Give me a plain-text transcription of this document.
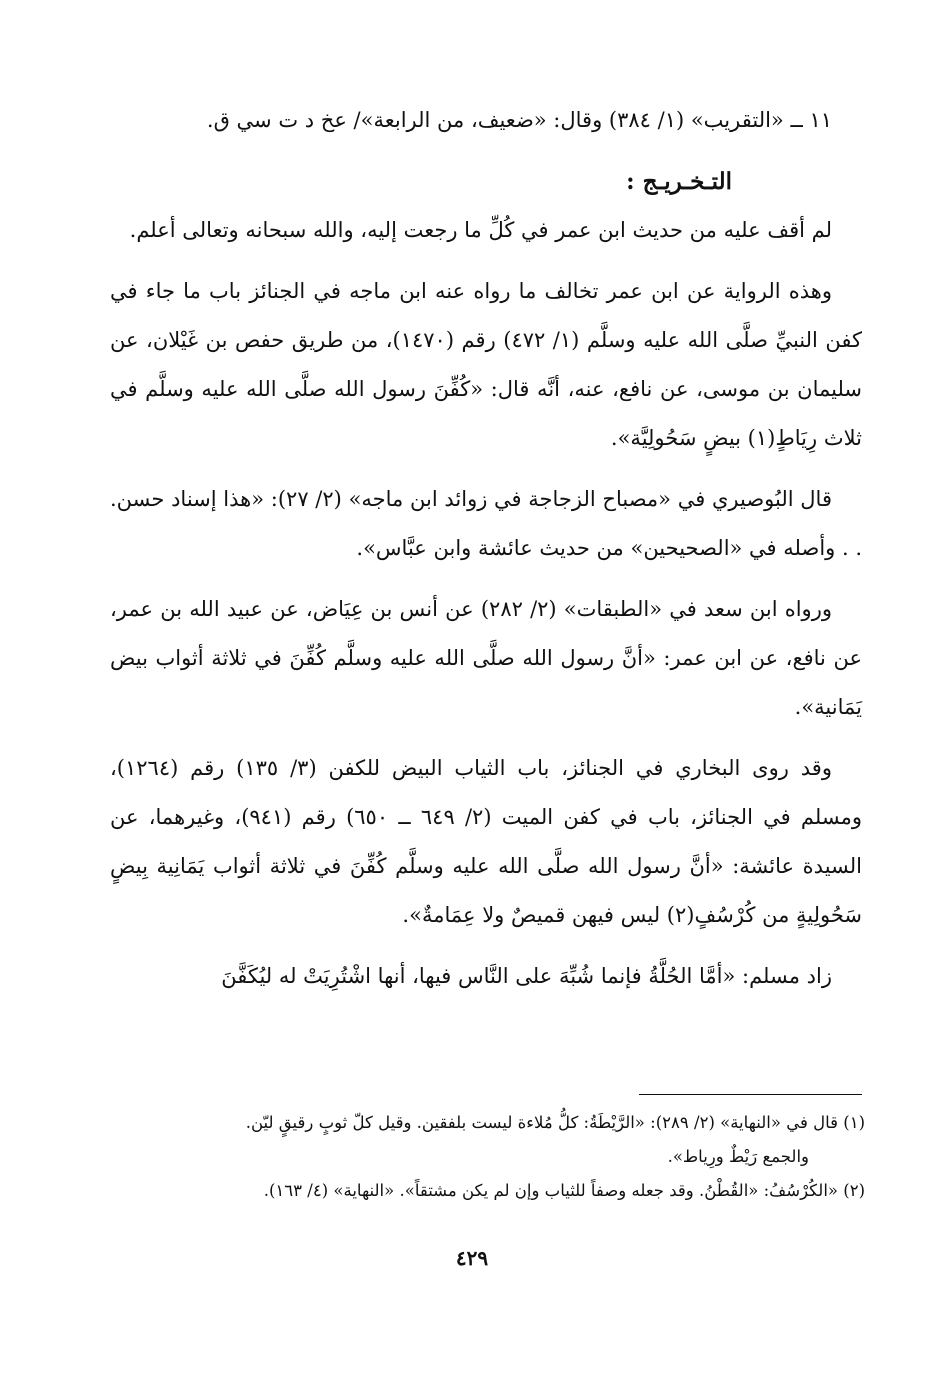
١١ ــ «التقريب» (١/ ٣٨٤) وقال: «ضعيف، من الرابعة»/ عخ د ت سي ق.

التـخـريـج :

لم أقف عليه من حديث ابن عمر في كُلِّ ما رجعت إليه، والله سبحانه وتعالى أعلم.

وهذه الرواية عن ابن عمر تخالف ما رواه عنه ابن ماجه في الجنائز باب ما جاء في كفن النبيِّ صلَّى الله عليه وسلَّم (١/ ٤٧٢) رقم (١٤٧٠)، من طريق حفص بن غَيْلان، عن سليمان بن موسى، عن نافع، عنه، أنَّه قال: «كُفِّنَ رسول الله صلَّى الله عليه وسلَّم في ثلاث رِيَاطٍ(١) بيضٍ سَحُولِيَّة».

قال البُوصيري في «مصباح الزجاجة في زوائد ابن ماجه» (٢/ ٢٧): «هذا إسناد حسن. . . وأصله في «الصحيحين» من حديث عائشة وابن عبَّاس».

ورواه ابن سعد في «الطبقات» (٢/ ٢٨٢) عن أنس بن عِيَاض، عن عبيد الله بن عمر، عن نافع، عن ابن عمر: «أنَّ رسول الله صلَّى الله عليه وسلَّم كُفِّنَ في ثلاثة أثواب بيض يَمَانية».

وقد روى البخاري في الجنائز، باب الثياب البيض للكفن (٣/ ١٣٥) رقم (١٢٦٤)، ومسلم في الجنائز، باب في كفن الميت (٢/ ٦٤٩ ــ ٦٥٠) رقم (٩٤١)، وغيرهما، عن السيدة عائشة: «أنَّ رسول الله صلَّى الله عليه وسلَّم كُفِّنَ في ثلاثة أثواب يَمَانِية بِيضٍ سَحُولِيةٍ من كُرْسُفٍ(٢) ليس فيهن قميصٌ ولا عِمَامةٌ».

زاد مسلم: «أمَّا الحُلَّةُ فإنما شُبِّهَ على النَّاس فيها، أنها اشْتُرِيَتْ له ليُكَفَّنَ

(١) قال في «النهاية» (٢/ ٢٨٩): «الرَّيْطَةُ: كلُّ مُلاءة ليست بلفقين. وقيل كلّ ثوبٍ رقيقٍ ليّن.

والجمع رَيْطٌ ورِياط».

(٢) «الكُرْسُفُ: «القُطْنُ. وقد جعله وصفاً للثياب وإن لم يكن مشتقاً». «النهاية» (٤/ ١٦٣).

٤٢٩
